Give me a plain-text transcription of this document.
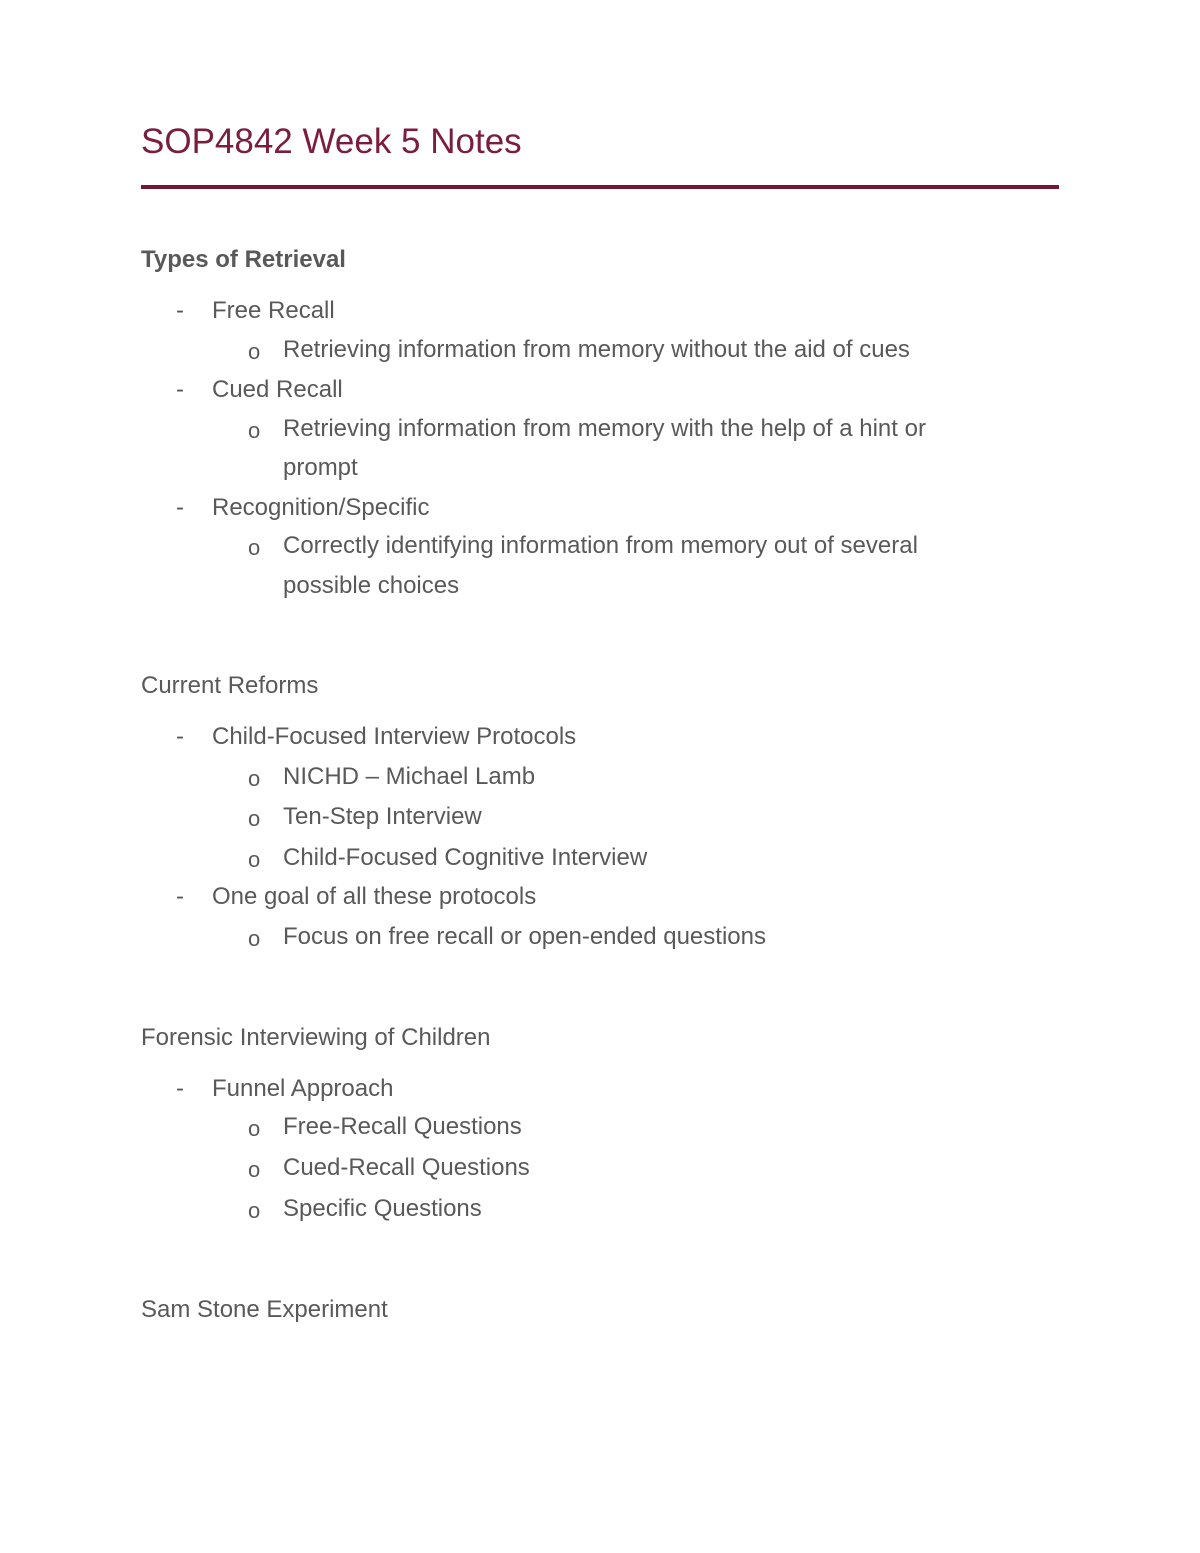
SOP4842 Week 5 Notes
Types of Retrieval
- Free Recall
o Retrieving information from memory without the aid of cues
- Cued Recall
o Retrieving information from memory with the help of a hint or
prompt
- Recognition/Specific
o Correctly identifying information from memory out of several
possible choices
Current Reforms
- Child-Focused Interview Protocols
o NICHD – Michael Lamb
o Ten-Step Interview
o Child-Focused Cognitive Interview
- One goal of all these protocols
o Focus on free recall or open-ended questions
Forensic Interviewing of Children
- Funnel Approach
o Free-Recall Questions
o Cued-Recall Questions
o Specific Questions
Sam Stone Experiment
